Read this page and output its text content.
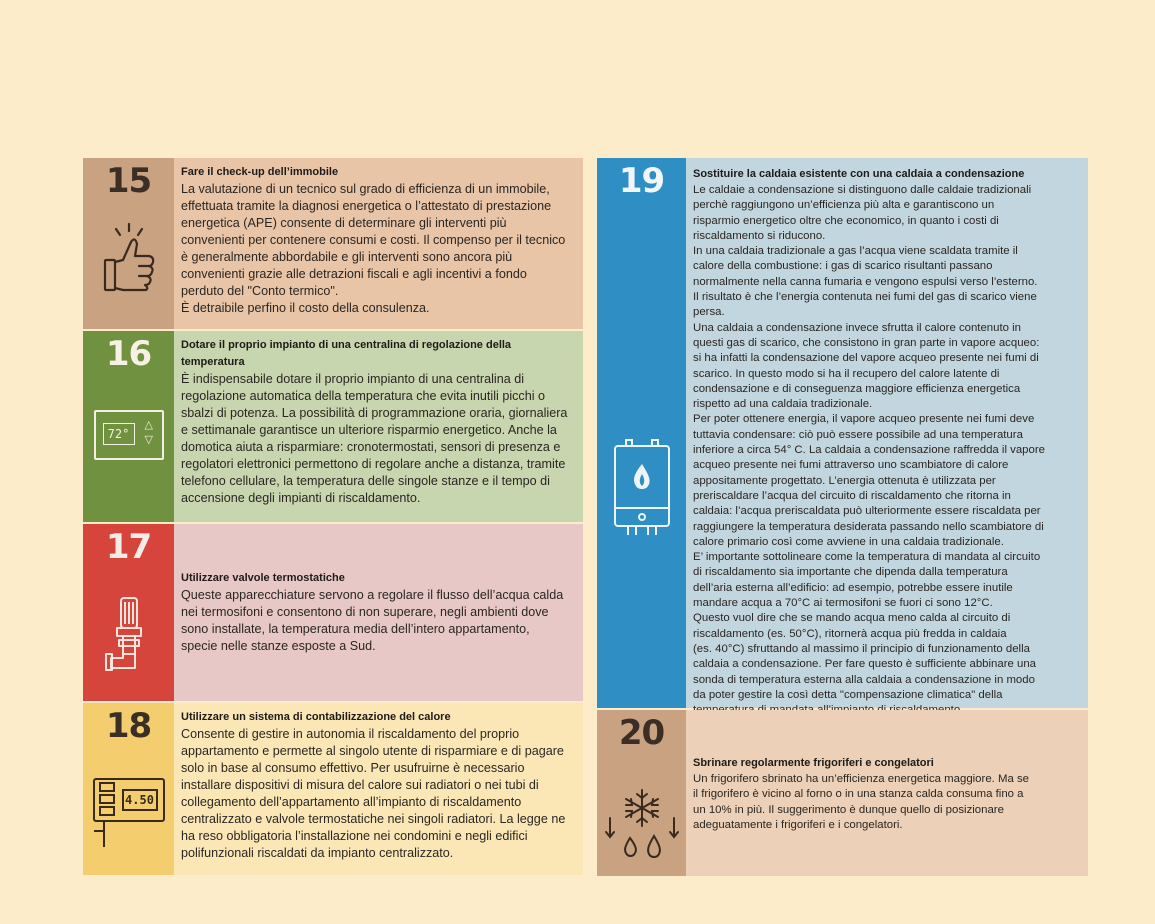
15	Fare il check-up dell’immobile

La valutazione di un tecnico sul grado di efficienza di un immobile,
effettuata tramite la diagnosi energetica o l’attestato di prestazione
energetica (APE) consente di determinare gli interventi più
convenienti per contenere consumi e costi. Il compenso per il tecnico
è generalmente abbordabile e gli interventi sono ancora più
convenienti grazie alle detrazioni fiscali e agli incentivi a fondo
perduto del "Conto termico".
È detraibile perfino il costo della consulenza.

16
72°
△
▽

Dotare il proprio impianto di una centralina di regolazione della
temperatura

È indispensabile dotare il proprio impianto di una centralina di
regolazione automatica della temperatura che evita inutili picchi o
sbalzi di potenza. La possibilità di programmazione oraria, giornaliera
e settimanale garantisce un ulteriore risparmio energetico. Anche la
domotica aiuta a risparmiare: cronotermostati, sensori di presenza e
regolatori elettronici permettono di regolare anche a distanza, tramite
telefono cellulare, la temperatura delle singole stanze e il tempo di
accensione degli impianti di riscaldamento.

17

Utilizzare valvole termostatiche

Queste apparecchiature servono a regolare il flusso dell’acqua calda
nei termosifoni e consentono di non superare, negli ambienti dove
sono installate, la temperatura media dell’intero appartamento,
specie nelle stanze esposte a Sud.

18
4.50

Utilizzare un sistema di contabilizzazione del calore

Consente di gestire in autonomia il riscaldamento del proprio
appartamento e permette al singolo utente di risparmiare e di pagare
solo in base al consumo effettivo. Per usufruirne è necessario
installare dispositivi di misura del calore sui radiatori o nei tubi di
collegamento dell’appartamento all’impianto di riscaldamento
centralizzato e valvole termostatiche nei singoli radiatori. La legge ne
ha reso obbligatoria l’installazione nei condomini e negli edifici
polifunzionali riscaldati da impianto centralizzato.

19	Sostituire la caldaia esistente con una caldaia a condensazione

Le caldaie a condensazione si distinguono dalle caldaie tradizionali
perchè raggiungono un’efficienza più alta e garantiscono un
risparmio energetico oltre che economico, in quanto i costi di
riscaldamento si riducono.
In una caldaia tradizionale a gas l’acqua viene scaldata tramite il
calore della combustione: i gas di scarico risultanti passano
normalmente nella canna fumaria e vengono espulsi verso l’esterno.
Il risultato è che l’energia contenuta nei fumi del gas di scarico viene
persa.
Una caldaia a condensazione invece sfrutta il calore contenuto in
questi gas di scarico, che consistono in gran parte in vapore acqueo:
si ha infatti la condensazione del vapore acqueo presente nei fumi di
scarico. In questo modo si ha il recupero del calore latente di
condensazione e di conseguenza maggiore efficienza energetica
rispetto ad una caldaia tradizionale.
Per poter ottenere energia, il vapore acqueo presente nei fumi deve
tuttavia condensare: ciò può essere possibile ad una temperatura
inferiore a circa 54° C. La caldaia a condensazione raffredda il vapore
acqueo presente nei fumi attraverso uno scambiatore di calore
appositamente progettato. L’energia ottenuta è utilizzata per
preriscaldare l’acqua del circuito di riscaldamento che ritorna in
caldaia: l’acqua preriscaldata può ulteriormente essere riscaldata per
raggiungere la temperatura desiderata passando nello scambiatore di
calore primario così come avviene in una caldaia tradizionale.
E’ importante sottolineare come la temperatura di mandata al circuito
di riscaldamento sia importante che dipenda dalla temperatura
dell’aria esterna all’edificio: ad esempio, potrebbe essere inutile
mandare acqua a 70°C ai termosifoni se fuori ci sono 12°C.
Questo vuol dire che se mando acqua meno calda al circuito di
riscaldamento (es. 50°C), ritornerà acqua più fredda in caldaia
(es. 40°C) sfruttando al massimo il principio di funzionamento della
caldaia a condensazione. Per fare questo è sufficiente abbinare una
sonda di temperatura esterna alla caldaia a condensazione in modo
da poter gestire la così detta "compensazione climatica" della

20

Sbrinare regolarmente frigoriferi e congelatori

Un frigorifero sbrinato ha un’efficienza energetica maggiore. Ma se
il frigorifero è vicino al forno o in una stanza calda consuma fino a
un 10% in più. Il suggerimento è dunque quello di posizionare
adeguatamente i frigoriferi e i congelatori.
